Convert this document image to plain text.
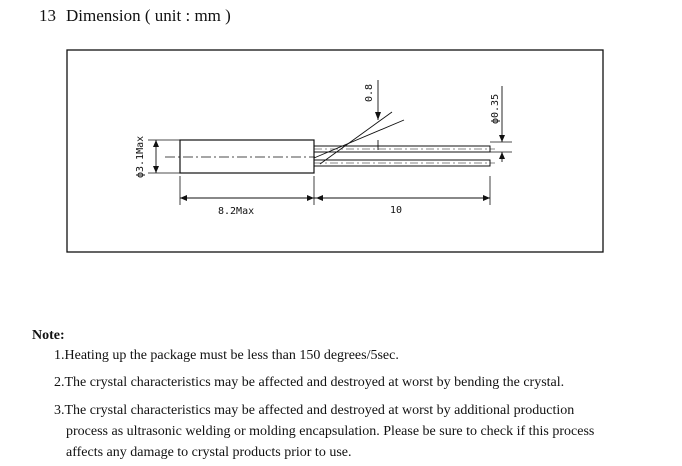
13 Dimension ( unit : mm )
0.8
ϕ0.35
ϕ3.1Max
8.2Max	10
Note:
1.Heating up the package must be less than 150 degrees/5sec.
2.The crystal characteristics may be affected and destroyed at worst by bending the crystal.
3.The crystal characteristics may be affected and destroyed at worst by additional production
process as ultrasonic welding or molding encapsulation. Please be sure to check if this process
affects any damage to crystal products prior to use.
